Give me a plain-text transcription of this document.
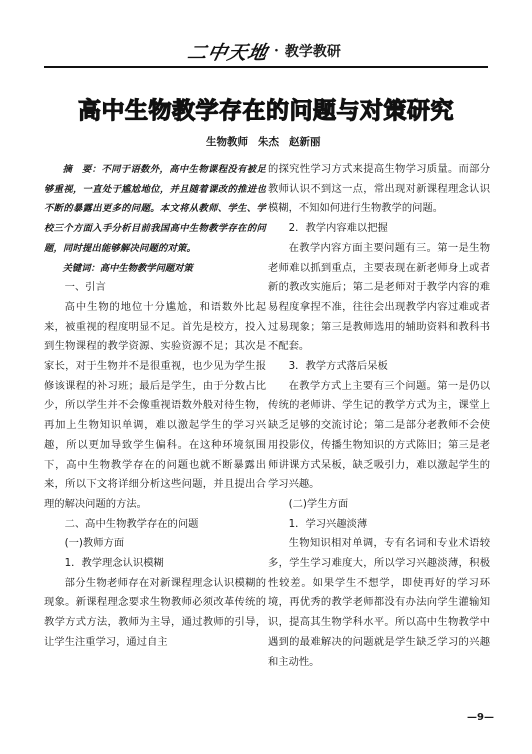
二中天地 · 教学教研
高中生物教学存在的问题与对策研究
生物教师 朱杰 赵新丽

摘　要：不同于语数外，高中生物课程没有被足够重视，一直处于尴尬地位，并且随着课改的推进也不断的暴露出更多的问题。本文将从教师、学生、学校三个方面入手分析目前我国高中生物教学存在的问题，同时提出能够解决问题的对策。

关键词：高中生物教学问题对策

一、引言

高中生物的地位十分尴尬，和语数外比起来，被重视的程度明显不足。首先是校方，投入到生物课程的教学资源、实验资源不足；其次是家长，对于生物并不是很重视，也少见为学生报修该课程的补习班；最后是学生，由于分数占比少，所以学生并不会像重视语数外般对待生物，再加上生物知识单调，难以激起学生的学习兴趣，所以更加导致学生偏科。在这种环境氛围下，高中生物教学存在的问题也就不断暴露出来，所以下文将详细分析这些问题，并且提出合理的解决问题的方法。

二、高中生物教学存在的问题

(一)教师方面

1．教学理念认识模糊

部分生物老师存在对新课程理念认识模糊的现象。新课程理念要求生物教师必须改革传统的教学方式方法，教师为主导，通过教师的引导，让学生注重学习，通过自主

的探究性学习方式来提高生物学习质量。而部分教师认识不到这一点，常出现对新课程理念认识模糊，不知如何进行生物教学的问题。

2．教学内容难以把握

在教学内容方面主要问题有三。第一是生物老师难以抓到重点，主要表现在新老师身上或者新的教改实施后；第二是老师对于教学内容的难易程度拿捏不准，往往会出现教学内容过难或者过易现象；第三是教师选用的辅助资料和教科书不配套。

3．教学方式落后呆板

在教学方式上主要有三个问题。第一是仍以传统的老师讲、学生记的教学方式为主，课堂上缺乏足够的交流讨论；第二是部分老教师不会使用投影仪，传播生物知识的方式陈旧；第三是老师讲课方式呆板，缺乏吸引力，难以激起学生的学习兴趣。

(二)学生方面

1．学习兴趣淡薄

生物知识相对单调，专有名词和专业术语较多，学生学习难度大，所以学习兴趣淡薄，积极性较差。如果学生不想学，即使再好的学习环境，再优秀的教学老师都没有办法向学生灌输知识，提高其生物学科水平。所以高中生物教学中遇到的最难解决的问题就是学生缺乏学习的兴趣和主动性。

—9—
